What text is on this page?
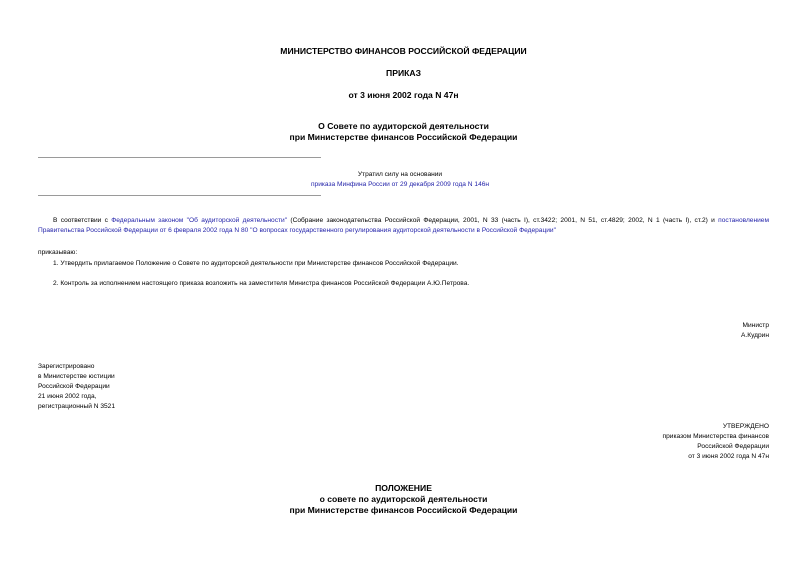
МИНИСТЕРСТВО ФИНАНСОВ РОССИЙСКОЙ ФЕДЕРАЦИИ
ПРИКАЗ
от 3 июня 2002 года N 47н
О Совете по аудиторской деятельности
при Министерстве финансов Российской Федерации
Утратил силу на основании
приказа Минфина России от 29 декабря 2009 года N 146н
В соответствии с Федеральным законом "Об аудиторской деятельности" (Собрание законодательства Российской Федерации, 2001, N 33 (часть I), ст.3422; 2001, N 51, ст.4829; 2002, N 1 (часть I), ст.2) и постановлением Правительства Российской Федерации от 6 февраля 2002 года N 80 "О вопросах государственного регулирования аудиторской деятельности в Российской Федерации"
приказываю:
1. Утвердить прилагаемое Положение о Совете по аудиторской деятельности при Министерстве финансов Российской Федерации.
2. Контроль за исполнением настоящего приказа возложить на заместителя Министра финансов Российской Федерации А.Ю.Петрова.
Министр
А.Кудрин
Зарегистрировано
в Министерстве юстиции
Российской Федерации
21 июня 2002 года,
регистрационный N 3521
УТВЕРЖДЕНО
приказом Министерства финансов
Российской Федерации
от 3 июня 2002 года N 47н
ПОЛОЖЕНИЕ
о совете по аудиторской деятельности
при Министерстве финансов Российской Федерации
